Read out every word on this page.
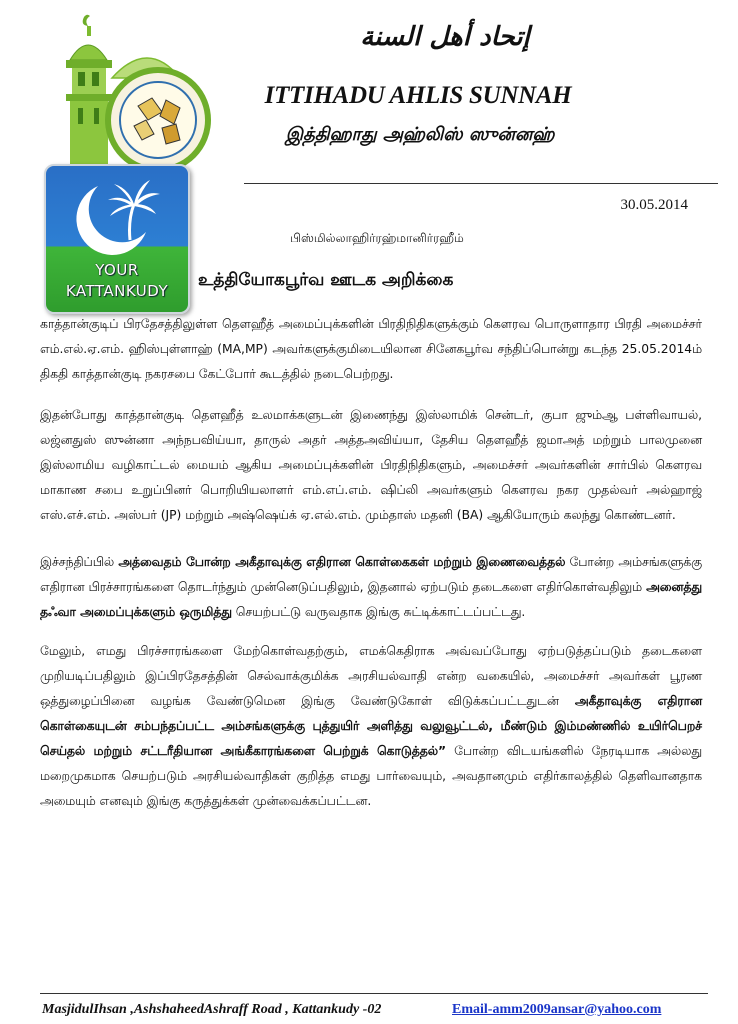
YOUR
KATTANKUDY
إتحاد أهل السنة
ITTIHADU AHLIS SUNNAH
இத்திஹாது அஹ்லிஸ் ஸுன்னஹ்
30.05.2014
பிஸ்மில்லாஹிர்ரஹ்மானிர்ரஹீம்
உத்தியோகபூர்வ ஊடக அறிக்கை

காத்தான்குடிப் பிரதேசத்திலுள்ள தௌஹீத் அமைப்புக்களின் பிரதிநிதிகளுக்கும் கௌரவ பொருளாதார பிரதி அமைச்சர் எம்.எல்.ஏ.எம். ஹிஸ்புள்ளாஹ் (MA,MP) அவர்களுக்குமிடையிலான சினேகபூர்வ சந்திப்பொன்று கடந்த 25.05.2014ம் திகதி காத்தான்குடி நகரசபை கேட்போர் கூடத்தில் நடைபெற்றது.

இதன்போது காத்தான்குடி தௌஹீத் உலமாக்களுடன் இணைந்து இஸ்லாமிக் சென்டர், குபா ஜும்ஆ பள்ளிவாயல், லஜ்னதுஸ் ஸுன்னா அந்நபவிய்யா, தாருல் அதர் அத்தஅவிய்யா, தேசிய தௌஹீத் ஜமாஅத் மற்றும் பாலமுனை இஸ்லாமிய வழிகாட்டல் மையம் ஆகிய அமைப்புக்களின் பிரதிநிதிகளும், அமைச்சர் அவர்களின் சார்பில் கௌரவ மாகாண சபை உறுப்பினர் பொறியியலாளர் எம்.எப்.எம். ஷிப்லி அவர்களும் கௌரவ நகர முதல்வர் அல்ஹாஜ் எஸ்.எச்.எம். அஸ்பர் (JP) மற்றும் அஷ்ஷெய்க் ஏ.எல்.எம். மும்தாஸ் மதனி (BA) ஆகியோரும் கலந்து கொண்டனர்.

இச்சந்திப்பில் அத்வைதம் போன்ற அகீதாவுக்கு எதிரான கொள்கைகள் மற்றும் இணைவைத்தல் போன்ற அம்சங்களுக்கு எதிரான பிரச்சாரங்களை தொடர்ந்தும் முன்னெடுப்பதிலும், இதனால் ஏற்படும் தடைகளை எதிர்கொள்வதிலும் அனைத்து தஃவா அமைப்புக்களும் ஒருமித்து செயற்பட்டு வருவதாக இங்கு சுட்டிக்காட்டப்பட்டது.

மேலும், எமது பிரச்சாரங்களை மேற்கொள்வதற்கும், எமக்கெதிராக அவ்வப்போது ஏற்படுத்தப்படும் தடைகளை முறியடிப்பதிலும் இப்பிரதேசத்தின் செல்வாக்குமிக்க அரசியல்வாதி என்ற வகையில், அமைச்சர் அவர்கள் பூரண ஒத்துழைப்பினை வழங்க வேண்டுமென இங்கு வேண்டுகோள் விடுக்கப்பட்டதுடன் அகீதாவுக்கு எதிரான கொள்கையுடன் சம்பந்தப்பட்ட அம்சங்களுக்கு புத்துயிர் அளித்து வலுவூட்டல், மீண்டும் இம்மண்ணில் உயிர்பெறச் செய்தல் மற்றும் சட்டரீதியான அங்கீகாரங்களை பெற்றுக் கொடுத்தல்” போன்ற விடயங்களில் நேரடியாக அல்லது மறைமுகமாக செயற்படும் அரசியல்வாதிகள் குறித்த எமது பார்வையும், அவதானமும் எதிர்காலத்தில் தெளிவானதாக அமையும் எனவும் இங்கு கருத்துக்கள் முன்வைக்கப்பட்டன.

MasjidulIhsan ,AshshaheedAshraff Road , Kattankudy -02	Email-amm2009ansar@yahoo.com
